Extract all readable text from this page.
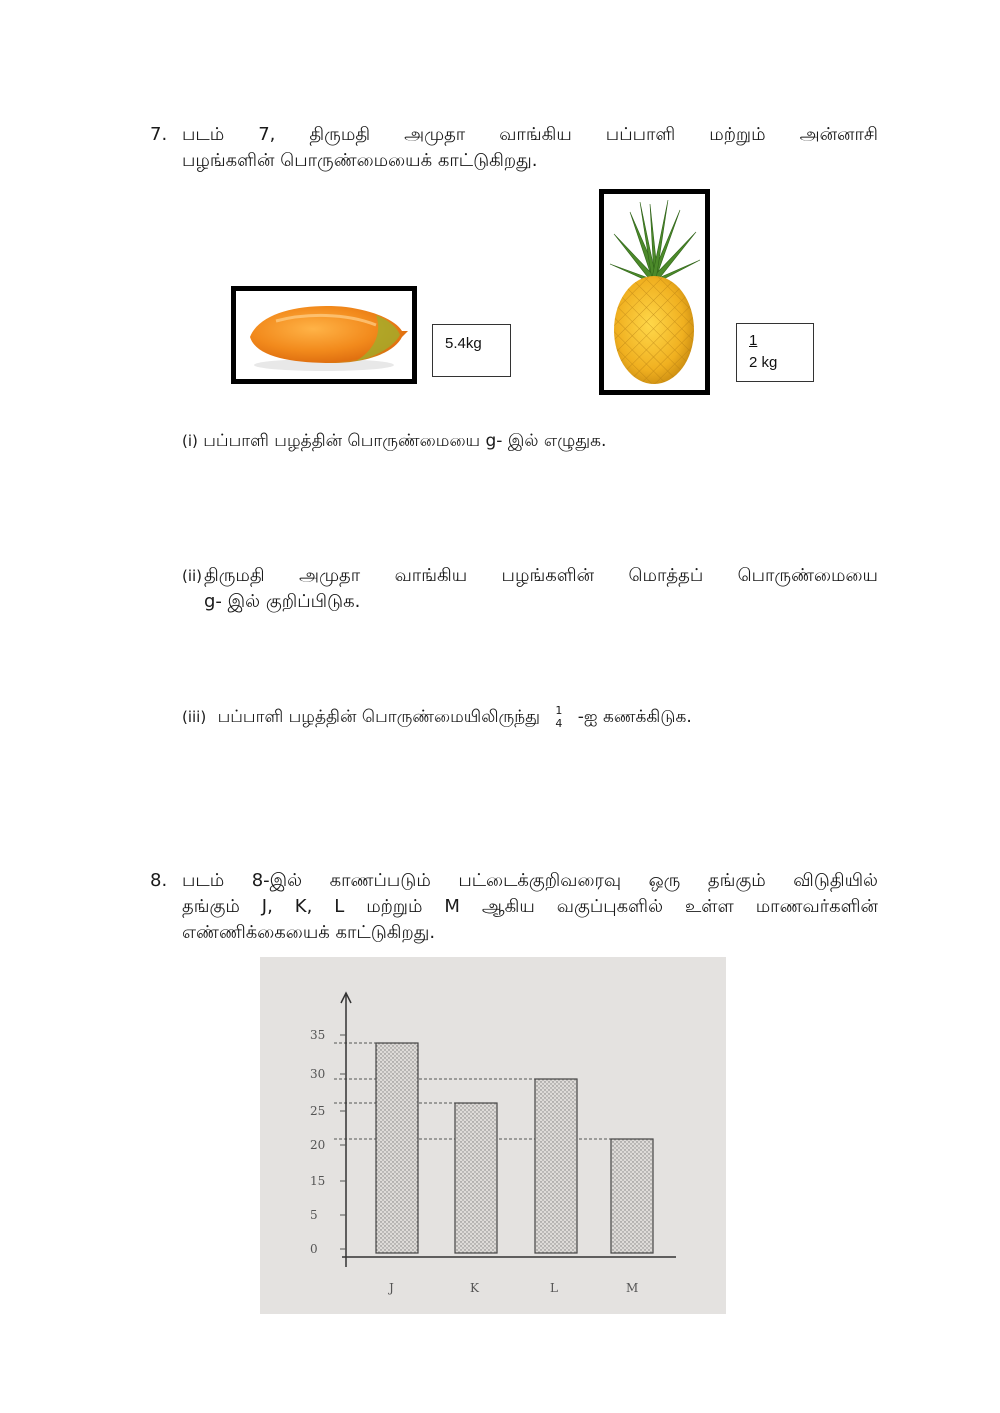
7. படம் 7, திருமதி அமுதா வாங்கிய பப்பாளி மற்றும் அன்னாசி
பழங்களின் பொருண்மையைக் காட்டுகிறது.
5.4kg	1
2 kg
(i) பப்பாளி பழத்தின் பொருண்மையை g- இல் எழுதுக.
(ii) திருமதி அமுதா வாங்கிய பழங்களின் மொத்தப் பொருண்மையை
g- இல் குறிப்பிடுக.
(iii) பப்பாளி பழத்தின் பொருண்மையிலிருந்து 1
4 -ஐ கணக்கிடுக.
8. படம் 8-இல் காணப்படும் பட்டைக்குறிவரைவு ஒரு தங்கும் விடுதியில்
தங்கும் J, K, L மற்றும் M ஆகிய வகுப்புகளில் உள்ள மாணவர்களின்
எண்ணிக்கையைக் காட்டுகிறது.
0
5
15
20
25
30
35
J	K	L	M
